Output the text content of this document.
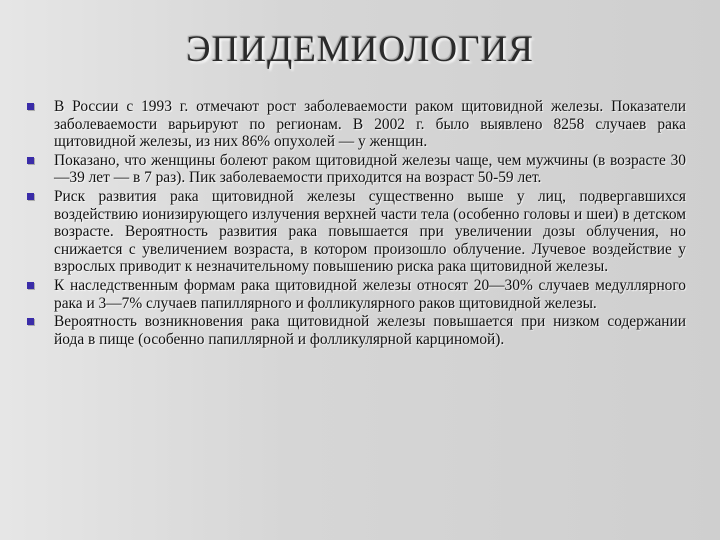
ЭПИДЕМИОЛОГИЯ
В России с 1993 г. отмечают рост заболеваемости раком щитовидной железы. Показатели заболеваемости варьируют по регионам. В 2002 г. было выявлено 8258 случаев рака щитовидной железы, из них 86% опухолей — у женщин.
Показано, что женщины болеют раком щитовидной железы чаще, чем мужчины (в возрасте 30—39 лет — в 7 раз). Пик заболеваемости приходится на возраст 50-59 лет.
Риск развития рака щитовидной железы существенно выше у лиц, подвергавшихся воздействию ионизирующего излучения верхней части тела (особенно головы и шеи) в детском возрасте. Вероятность развития рака повышается при увеличении дозы облучения, но снижается с увеличением возраста, в котором произошло облучение. Лучевое воздействие у взрослых приводит к незначительному повышению риска рака щитовидной железы.
К наследственным формам рака щитовидной железы относят 20—30% случаев медуллярного рака и 3—7% случаев папиллярного и фолликулярного раков щитовидной железы.
Вероятность возникновения рака щитовидной железы повышается при низком содержании йода в пище (особенно папиллярной и фолликулярной карциномой).
